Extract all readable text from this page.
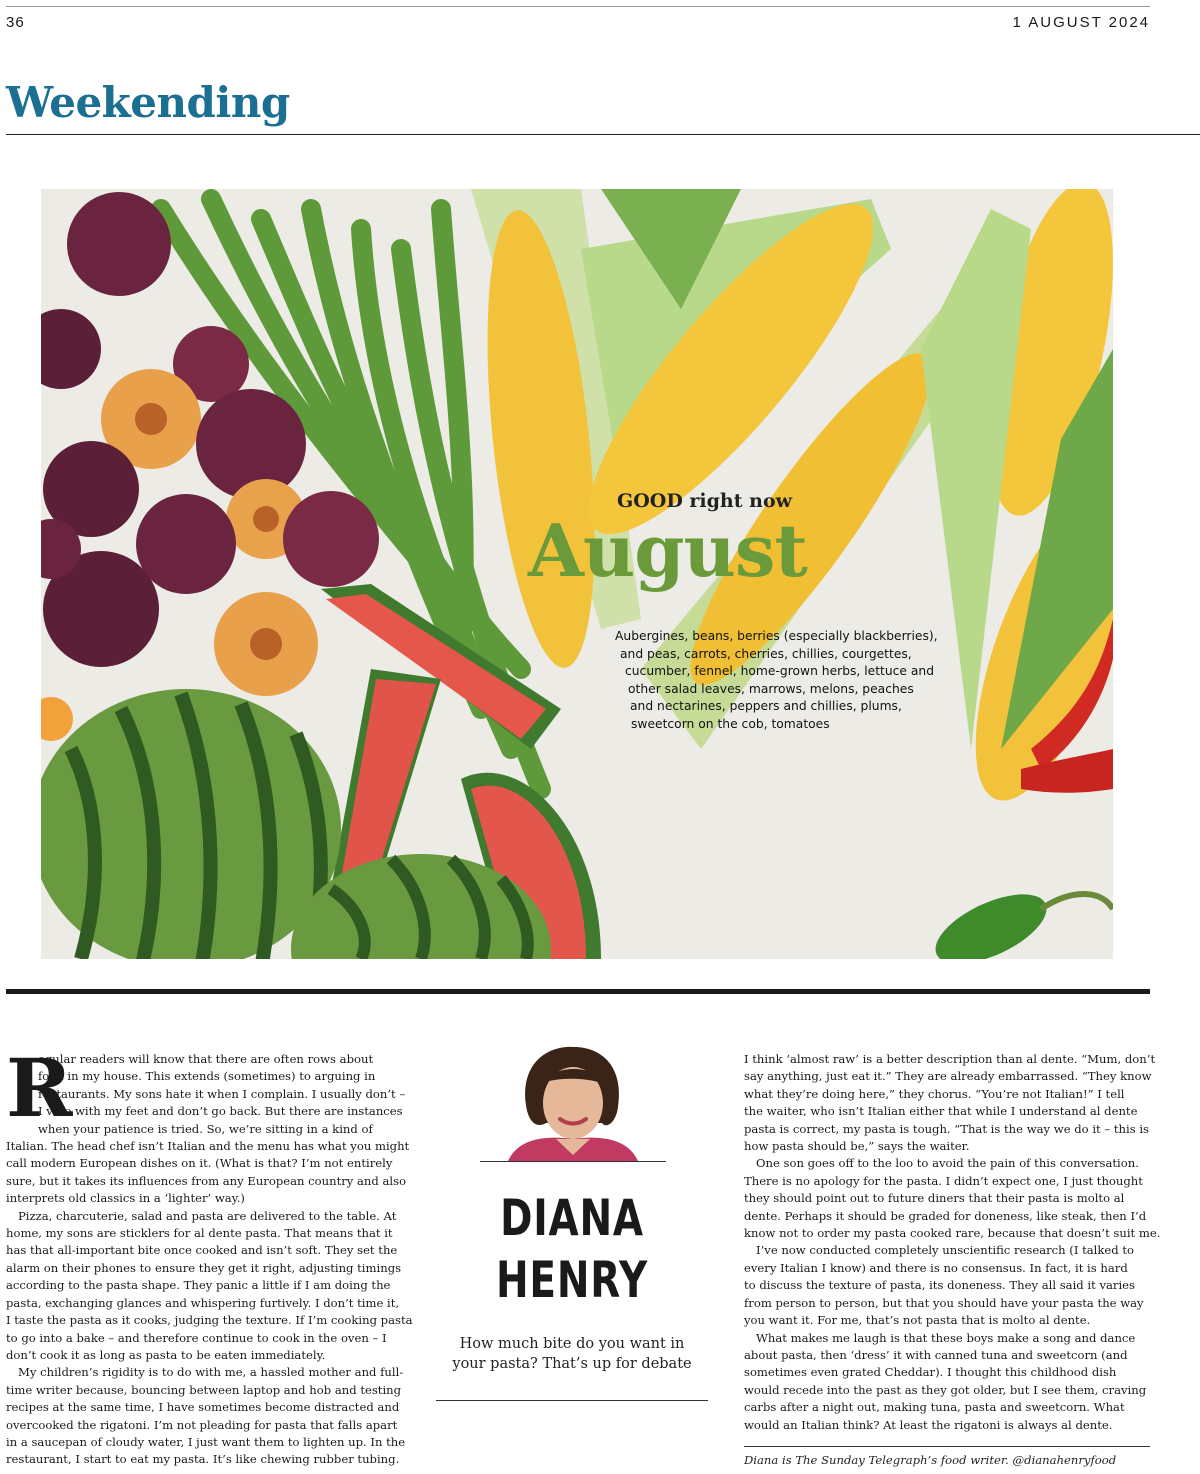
36	1 AUGUST 2024
Weekending
GOOD right now
August
Aubergines, beans, berries (especially blackberries),
and peas, carrots, cherries, chillies, courgettes,
cucumber, fennel, home-grown herbs, lettuce and
other salad leaves, marrows, melons, peaches
and nectarines, peppers and chillies, plums,
sweetcorn on the cob, tomatoes
R
egular readers will know that there are often rows about
food in my house. This extends (sometimes) to arguing in
restaurants. My sons hate it when I complain. I usually don’t –
I vote with my feet and don’t go back. But there are instances
when your patience is tried. So, we’re sitting in a kind of
Italian. The head chef isn’t Italian and the menu has what you might
call modern European dishes on it. (What is that? I’m not entirely
sure, but it takes its influences from any European country and also
interprets old classics in a ‘lighter’ way.)
Pizza, charcuterie, salad and pasta are delivered to the table. At
home, my sons are sticklers for al dente pasta. That means that it
has that all-important bite once cooked and isn’t soft. They set the
alarm on their phones to ensure they get it right, adjusting timings
according to the pasta shape. They panic a little if I am doing the
pasta, exchanging glances and whispering furtively. I don’t time it,
I taste the pasta as it cooks, judging the texture. If I’m cooking pasta
to go into a bake – and therefore continue to cook in the oven – I
don’t cook it as long as pasta to be eaten immediately.
My children’s rigidity is to do with me, a hassled mother and full-
time writer because, bouncing between laptop and hob and testing
recipes at the same time, I have sometimes become distracted and
overcooked the rigatoni. I’m not pleading for pasta that falls apart
in a saucepan of cloudy water, I just want them to lighten up. In the
restaurant, I start to eat my pasta. It’s like chewing rubber tubing.
DIANA
HENRY
How much bite do you want in
your pasta? That’s up for debate
I think ‘almost raw’ is a better description than al dente. “Mum, don’t
say anything, just eat it.” They are already embarrassed. “They know
what they’re doing here,” they chorus. “You’re not Italian!” I tell
the waiter, who isn’t Italian either that while I understand al dente
pasta is correct, my pasta is tough. “That is the way we do it – this is
how pasta should be,” says the waiter.
One son goes off to the loo to avoid the pain of this conversation.
There is no apology for the pasta. I didn’t expect one, I just thought
they should point out to future diners that their pasta is molto al
dente. Perhaps it should be graded for doneness, like steak, then I’d
know not to order my pasta cooked rare, because that doesn’t suit me.
I’ve now conducted completely unscientific research (I talked to
every Italian I know) and there is no consensus. In fact, it is hard
to discuss the texture of pasta, its doneness. They all said it varies
from person to person, but that you should have your pasta the way
you want it. For me, that’s not pasta that is molto al dente.
What makes me laugh is that these boys make a song and dance
about pasta, then ‘dress’ it with canned tuna and sweetcorn (and
sometimes even grated Cheddar). I thought this childhood dish
would recede into the past as they got older, but I see them, craving
carbs after a night out, making tuna, pasta and sweetcorn. What
would an Italian think? At least the rigatoni is always al dente.
Diana is The Sunday Telegraph’s food writer. @dianahenryfood
